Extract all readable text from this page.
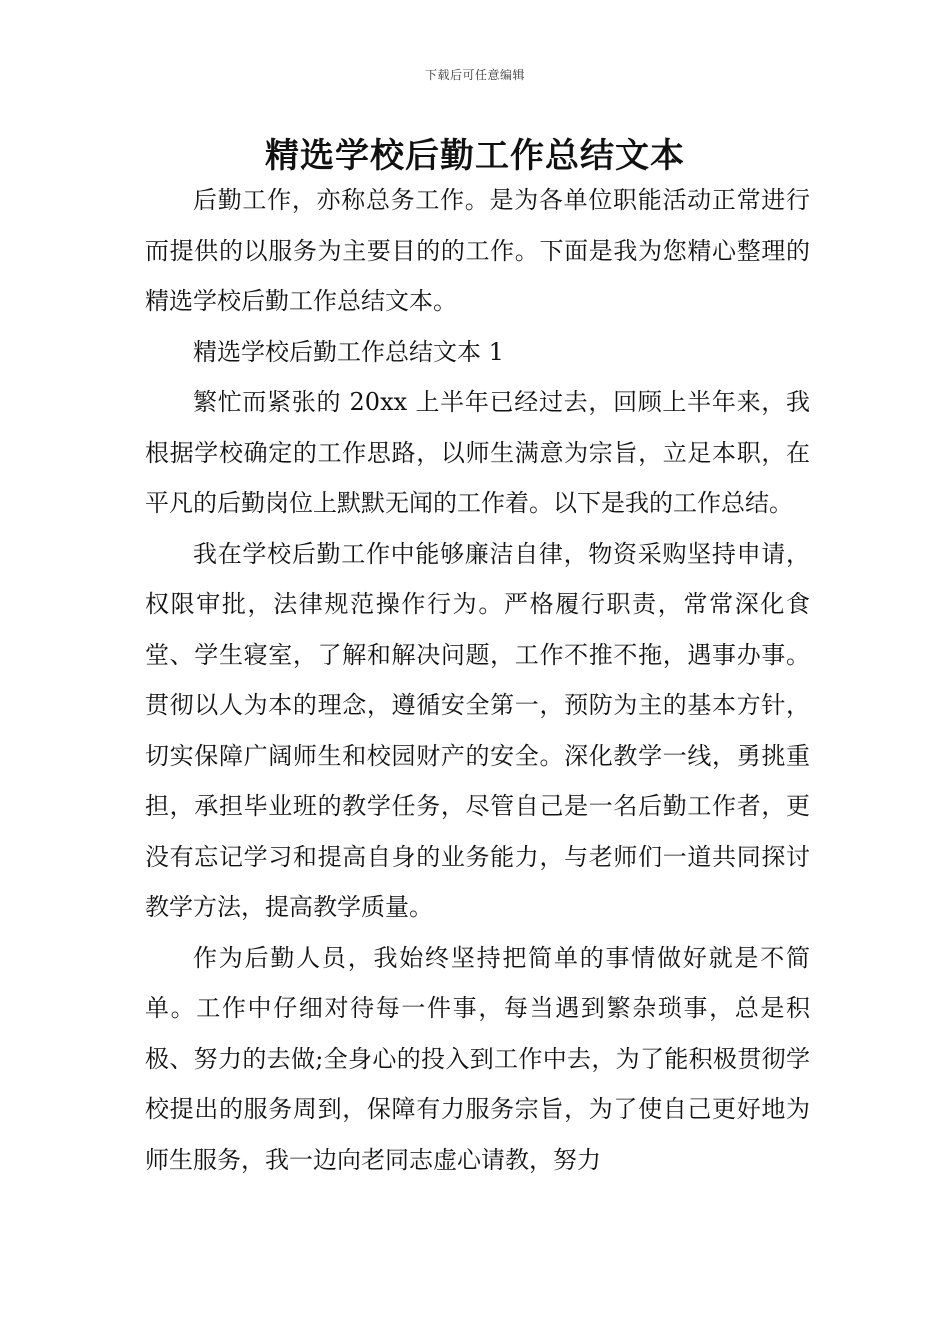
下载后可任意编辑
精选学校后勤工作总结文本

后勤工作，亦称总务工作。是为各单位职能活动正常进行而提供的以服务为主要目的的工作。下面是我为您精心整理的精选学校后勤工作总结文本。

精选学校后勤工作总结文本 1

繁忙而紧张的 20xx 上半年已经过去，回顾上半年来，我根据学校确定的工作思路，以师生满意为宗旨，立足本职，在平凡的后勤岗位上默默无闻的工作着。以下是我的工作总结。

我在学校后勤工作中能够廉洁自律，物资采购坚持申请，权限审批，法律规范操作行为。严格履行职责，常常深化食堂、学生寝室，了解和解决问题，工作不推不拖，遇事办事。贯彻以人为本的理念，遵循安全第一，预防为主的基本方针，切实保障广阔师生和校园财产的安全。深化教学一线，勇挑重担，承担毕业班的教学任务，尽管自己是一名后勤工作者，更没有忘记学习和提高自身的业务能力，与老师们一道共同探讨教学方法，提高教学质量。

作为后勤人员，我始终坚持把简单的事情做好就是不简单。工作中仔细对待每一件事，每当遇到繁杂琐事，总是积极、努力的去做;全身心的投入到工作中去，为了能积极贯彻学校提出的服务周到，保障有力服务宗旨，为了使自己更好地为师生服务，我一边向老同志虚心请教，努力
